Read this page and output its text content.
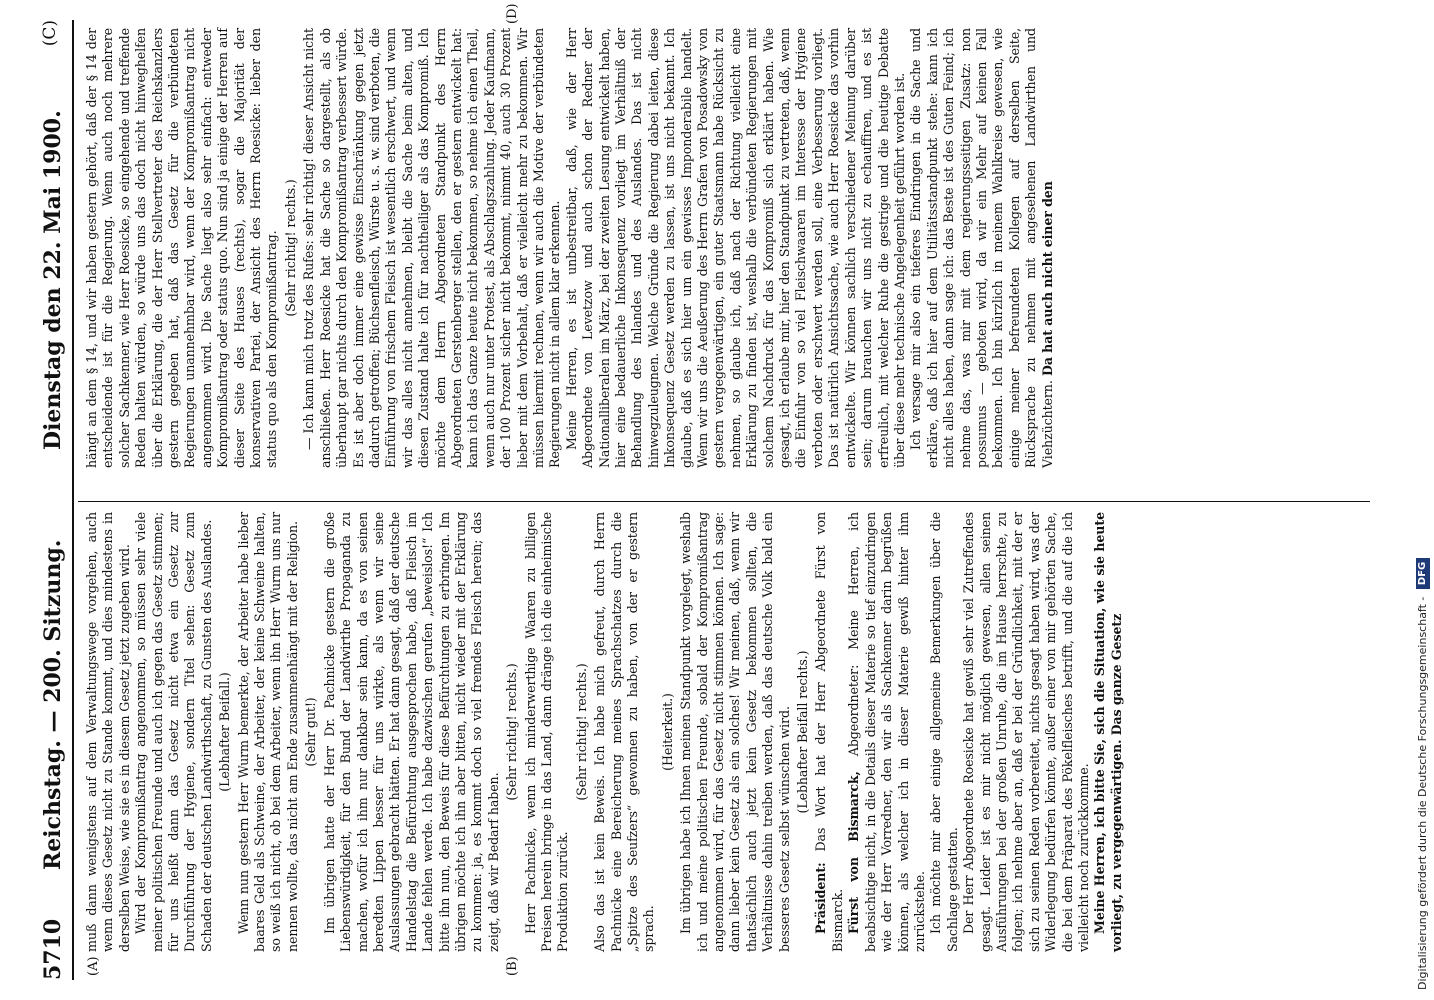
5710
Reichstag. — 200. Sitzung.
Dienstag den 22. Mai 1900.
(C)
(A)	(B)
(D)

muß dann wenigstens auf dem Verwaltungswege vorgehen, auch wenn dieses Gesetz nicht zu Stande kommt, und dies mindestens in derselben Weise, wie sie es in diesem Gesetz jetzt zugeben wird. Wird der Kompromißantrag angenommen, so müssen sehr viele meiner politischen Freunde und auch ich gegen das Gesetz stimmen; für uns heißt dann das Gesetz nicht etwa ein Gesetz zur Durchführung der Hygiene, sondern Titel sehen: Gesetz zum Schaden der deutschen Landwirthschaft, zu Gunsten des Auslandes. (Lebhafter Beifall.) Wenn nun gestern Herr Wurm bemerkte, der Arbeiter habe lieber baares Geld als Schweine, der Arbeiter, der keine Schweine halten, so weiß ich nicht, ob bei dem Arbeiter, wenn ihn Herr Wurm uns nur nennen wollte, das nicht am Ende zusammenhängt mit der Religion. (Sehr gut!) Im übrigen hatte der Herr Dr. Pachnicke gestern die große Liebenswürdigkeit, für den Bund der Landwirthe Propaganda zu machen, wofür ich ihm nur dankbar sein kann, da es von seinen beredten Lippen besser für uns wirkte, als wenn wir seine Auslassungen gebracht hätten. Er hat dann gesagt, daß der deutsche Handelstag die Befürchtung ausgesprochen habe, daß Fleisch im Lande fehlen werde. Ich habe dazwischen gerufen „beweislos!“ Ich bitte ihn nun, den Beweis für diese Befürchtungen zu erbringen. Im übrigen möchte ich ihn aber bitten, nicht wieder mit der Erklärung zu kommen: ja, es kommt doch so viel fremdes Fleisch herein; das zeigt, daß wir Bedarf haben.

(Sehr richtig! rechts.) Herr Pachnicke, wenn ich minderwerthige Waaren zu billigen Preisen herein bringe in das Land, dann dränge ich die einheimische Produktion zurück.

(Sehr richtig! rechts.) Also das ist kein Beweis. Ich habe mich gefreut, durch Herrn Pachnicke eine Bereicherung meines Sprachschatzes durch die „Spitze des Seufzers“ gewonnen zu haben, von der er gestern sprach.

(Heiterkeit.) Im übrigen habe ich Ihnen meinen Standpunkt vorgelegt, weshalb ich und meine politischen Freunde, sobald der Kompromißantrag angenommen wird, für das Gesetz nicht stimmen können. Ich sage: dann lieber kein Gesetz als ein solches! Wir meinen, daß, wenn wir thatsächlich auch jetzt kein Gesetz bekommen sollten, die Verhältnisse dahin treiben werden, daß das deutsche Volk bald ein besseres Gesetz selbst wünschen wird. (Lebhafter Beifall rechts.)

Präsident: Das Wort hat der Herr Abgeordnete Fürst von Bismarck. Fürst von Bismarck, Abgeordneter: Meine Herren, ich beabsichtige nicht, in die Details dieser Materie so tief einzudringen wie der Herr Vorredner, den wir als Sachkenner darin begrüßen können, als welcher ich in dieser Materie gewiß hinter ihm zurückstehe. Ich möchte mir aber einige allgemeine Bemerkungen über die Sachlage gestatten. Der Herr Abgeordnete Roesicke hat gewiß sehr viel Zutreffendes gesagt. Leider ist es mir nicht möglich gewesen, allen seinen Ausführungen bei der großen Unruhe, die im Hause herrschte, zu folgen; ich nehme aber an, daß er bei der Gründlichkeit, mit der er sich zu seinen Reden vorbereitet, nichts gesagt haben wird, was der Widerlegung bedürfen könnte, außer einer von mir gehörten Sache, die bei dem Präparat des Pökelfleisches betrifft, und die auf die ich vielleicht noch zurückkomme. Meine Herren, ich bitte Sie, sich die Situation, wie sie heute vorliegt, zu vergegenwärtigen. Das ganze Gesetz

hängt an dem § 14, und wir haben gestern gehört, daß der § 14 der entscheidende ist für die Regierung. Wenn auch noch mehrere solcher Sachkenner, wie Herr Roesicke, so eingehende und treffende Reden halten würden, so würde uns das doch nicht hinweghelfen über die Erklärung, die der Herr Stellvertreter des Reichskanzlers gestern gegeben hat, daß das Gesetz für die verbündeten Regierungen unannehmbar wird, wenn der Kompromißantrag nicht angenommen wird. Die Sache liegt also sehr einfach: entweder Kompromißantrag oder status quo. Nun sind ja einige der Herren auf dieser Seite des Hauses (rechts), sogar die Majorität der konservativen Partei, der Ansicht des Herrn Roesicke: lieber den status quo als den Kompromißantrag. (Sehr richtig! rechts.) — Ich kann mich trotz des Rufes: sehr richtig! dieser Ansicht nicht anschließen. Herr Roesicke hat die Sache so dargestellt, als ob überhaupt gar nichts durch den Kompromißantrag verbessert würde. Es ist aber doch immer eine gewisse Einschränkung gegen jetzt dadurch getroffen; Büchsenfleisch, Würste u. s. w. sind verboten, die Einführung von frischem Fleisch ist wesentlich erschwert, und wenn wir das alles nicht annehmen, bleibt die Sache beim alten, und diesen Zustand halte ich für nachtheiliger als das Kompromiß. Ich möchte dem Herrn Abgeordneten Standpunkt des Herrn Abgeordneten Gerstenberger stellen, den er gestern entwickelt hat: kann ich das Ganze heute nicht bekommen, so nehme ich einen Theil, wenn auch nur unter Protest, als Abschlagszahlung. Jeder Kaufmann, der 100 Prozent sicher nicht bekommt, nimmt 40, auch 30 Prozent lieber mit dem Vorbehalt, daß er vielleicht mehr zu bekommen. Wir müssen hiermit rechnen, wenn wir auch die Motive der verbündeten Regierungen nicht in allem klar erkennen. Meine Herren, es ist unbestreitbar, daß, wie der Herr Abgeordnete von Levetzow und auch schon der Redner der Nationalliberalen im März, bei der zweiten Lesung entwickelt haben, hier eine bedauerliche Inkonsequenz vorliegt im Verhältniß der Behandlung des Inlandes und des Auslandes. Das ist nicht hinwegzuleugnen. Welche Gründe die Regierung dabei leiten, diese Inkonsequenz Gesetz werden zu lassen, ist uns nicht bekannt. Ich glaube, daß es sich hier um ein gewisses Imponderabile handelt. Wenn wir uns die Aeußerung des Herrn Grafen von Posadowsky von gestern vergegenwärtigen, ein guter Staatsmann habe Rücksicht zu nehmen, so glaube ich, daß nach der Richtung vielleicht eine Erklärung zu finden ist, weshalb die verbündeten Regierungen mit solchem Nachdruck für das Kompromiß sich erklärt haben. Wie gesagt, ich erlaube mir, hier den Standpunkt zu vertreten, daß, wenn die Einfuhr von so viel Fleischwaaren im Interesse der Hygiene verboten oder erschwert werden soll, eine Verbesserung vorliegt. Das ist natürlich Ansichtssache, wie auch Herr Roesicke das vorhin entwickelte. Wir können sachlich verschiedener Meinung darüber sein; darum brauchen wir uns nicht zu echauffiren, und es ist erfreulich, mit welcher Ruhe die gestrige und die heutige Debatte über diese mehr technische Angelegenheit geführt worden ist. Ich versage mir also ein tieferes Eindringen in die Sache und erkläre, daß ich hier auf dem Utilitätsstandpunkt stehe: kann ich nicht alles haben, dann sage ich: das Beste ist des Guten Feind; ich nehme das, was mir mit dem regierungsseitigen Zusatz: non possumus — geboten wird, da wir ein Mehr auf keinen Fall bekommen. Ich bin kürzlich in meinem Wahlkreise gewesen, wie einige meiner befreundeten Kollegen auf derselben Seite, Rücksprache zu nehmen mit angesehenen Landwirthen und Viehzüchtern. Da hat auch nicht einer den

Digitalisierung gefördert durch die Deutsche Forschungsgemeinschaft - DFG
